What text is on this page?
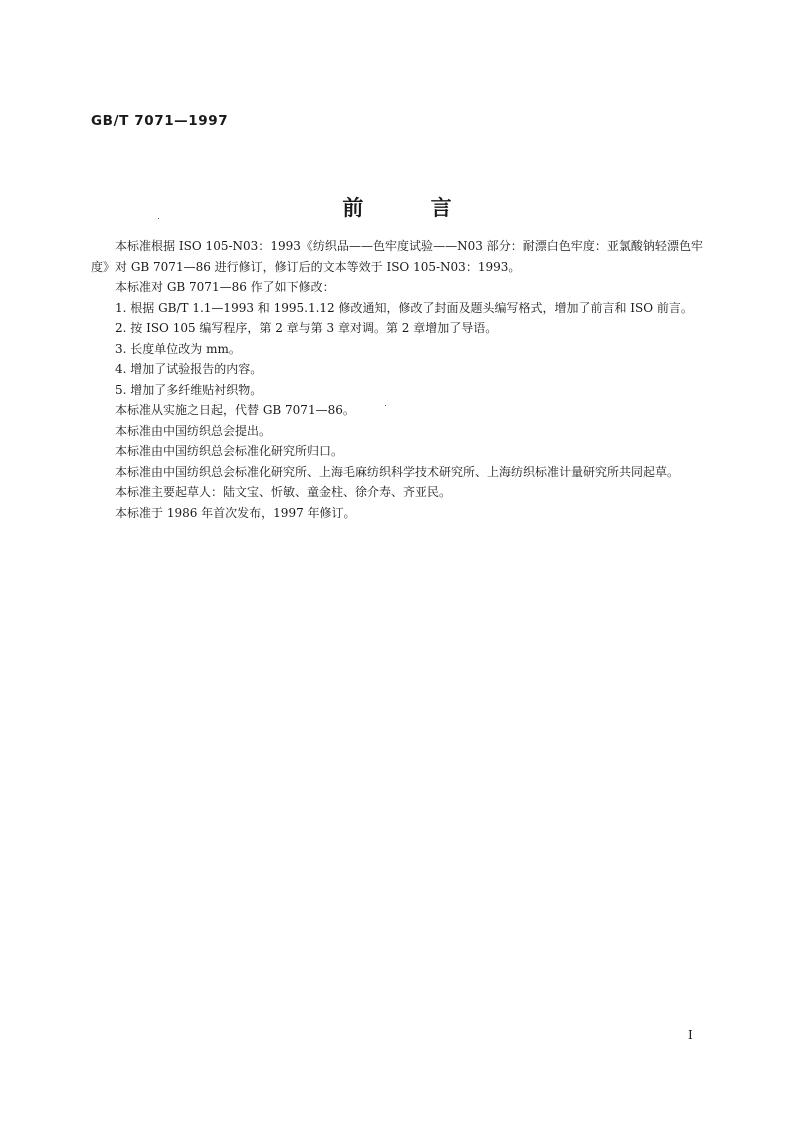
GB/T 7071—1997
前 言

本标准根据 ISO 105-N03：1993《纺织品——色牢度试验——N03 部分：耐漂白色牢度：亚氯酸钠轻漂色牢度》对 GB 7071—86 进行修订，修订后的文本等效于 ISO 105-N03：1993。

本标准对 GB 7071—86 作了如下修改：

1. 根据 GB/T 1.1—1993 和 1995.1.12 修改通知，修改了封面及题头编写格式，增加了前言和 ISO 前言。

2. 按 ISO 105 编写程序，第 2 章与第 3 章对调。第 2 章增加了导语。

3. 长度单位改为 mm。

4. 增加了试验报告的内容。

5. 增加了多纤维贴衬织物。

本标准从实施之日起，代替 GB 7071—86。

本标准由中国纺织总会提出。

本标准由中国纺织总会标准化研究所归口。

本标准由中国纺织总会标准化研究所、上海毛麻纺织科学技术研究所、上海纺织标准计量研究所共同起草。

本标准主要起草人：陆文宝、忻敏、童金柱、徐介寿、齐亚民。

本标准于 1986 年首次发布，1997 年修订。

I
